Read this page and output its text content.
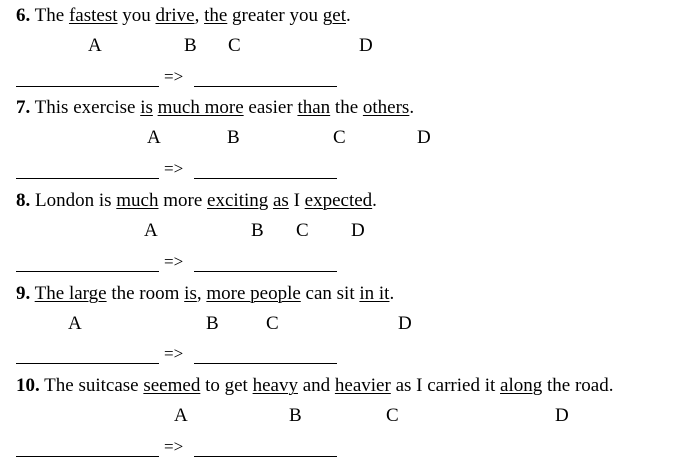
6. The fastest you drive, the greater you get.
A	B C	D
=>
7. This exercise is much more easier than the others.
A	B	C	D
=>
8. London is much more exciting as I expected.
A	B C D
=>
9. The large the room is, more people can sit in it.
A	B C	D
=>
10. The suitcase seemed to get heavy and heavier as I carried it along the road.
A	B	C	D
=>
